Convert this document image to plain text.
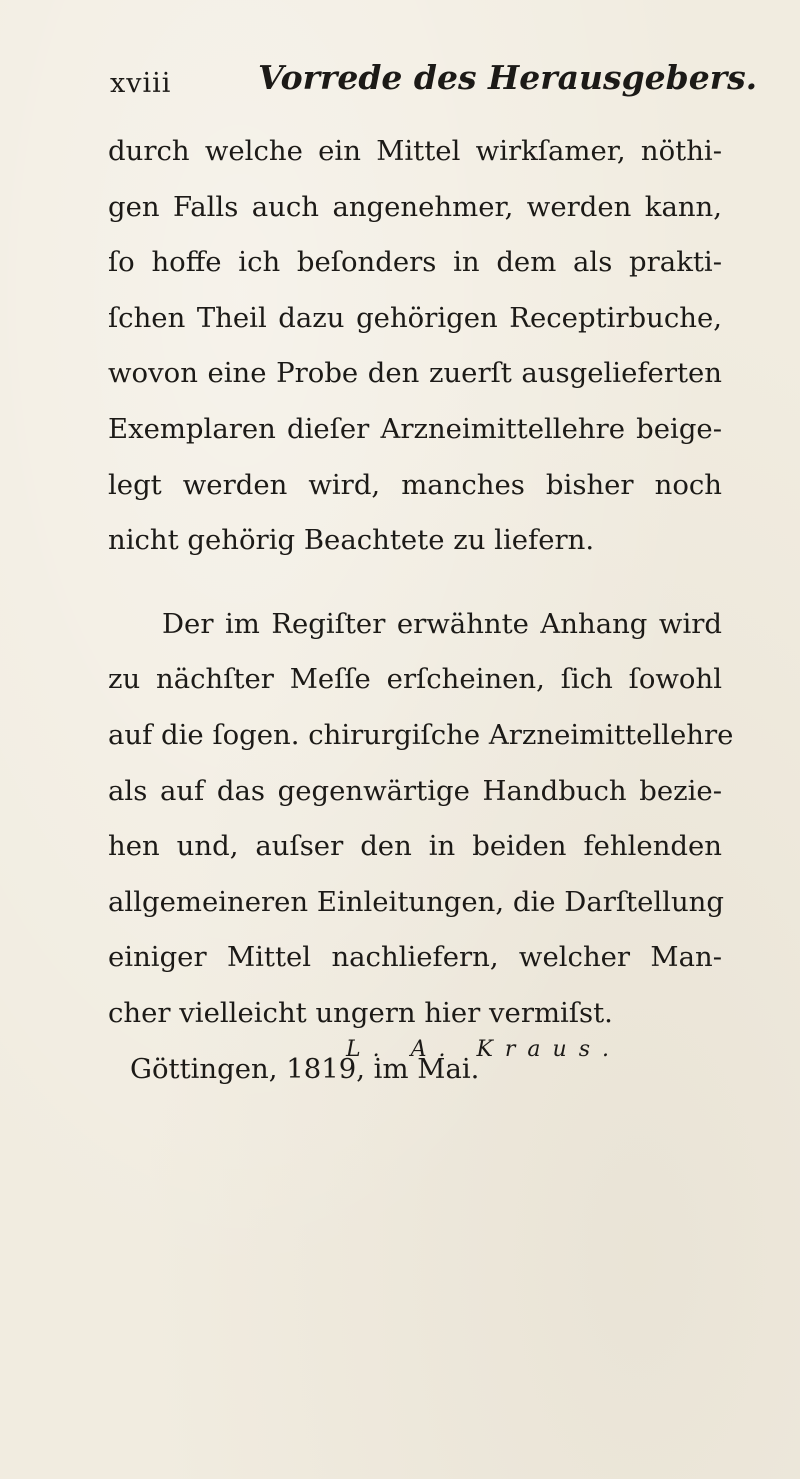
xviii	Vorrede des Herausgebers.
durch welche ein Mittel wirkſamer, nöthi-
gen Falls auch angenehmer, werden kann,
ſo hoffe ich beſonders in dem als prakti-
ſchen Theil dazu gehörigen Receptirbuche,
wovon eine Probe den zuerſt ausgelieferten
Exemplaren dieſer Arzneimittellehre beige-
legt werden wird, manches bisher noch
nicht gehörig Beachtete zu liefern.
Der im Regiſter erwähnte Anhang wird
zu nächſter Meſſe erſcheinen, ſich ſowohl
auf die ſogen. chirurgiſche Arzneimittellehre
als auf das gegenwärtige Handbuch bezie-
hen und, auſser den in beiden fehlenden
allgemeineren Einleitungen, die Darſtellung
einiger Mittel nachliefern, welcher Man-
cher vielleicht ungern hier vermiſst.
Göttingen, 1819, im Mai.
L. A. Kraus.
